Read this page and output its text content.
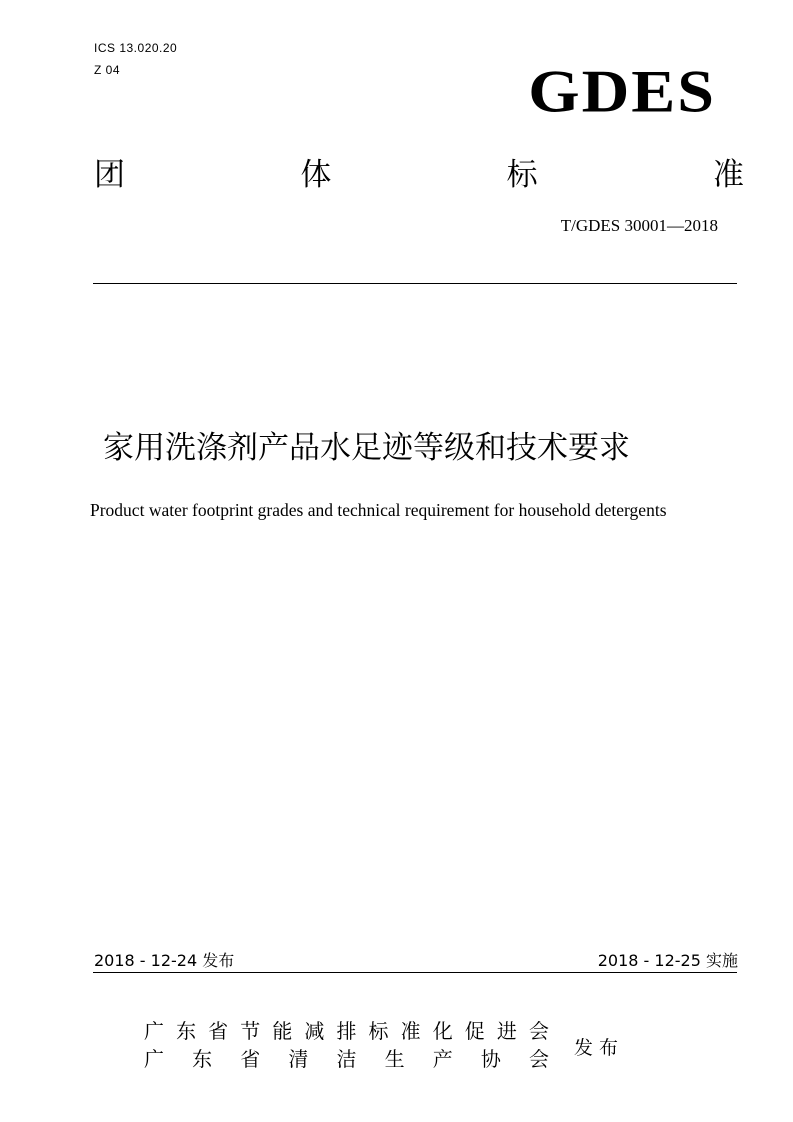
ICS 13.020.20
Z 04	GDES
团	体	标	准
T/GDES 30001—2018
家用洗涤剂产品水足迹等级和技术要求
Product water footprint grades and technical requirement for household detergents
2018 - 12-24 发布	2018 - 12-25 实施
广 东 省 节 能 减 排 标 准 化 促 进 会
广 东 省 清 洁 生 产 协 会 发布
